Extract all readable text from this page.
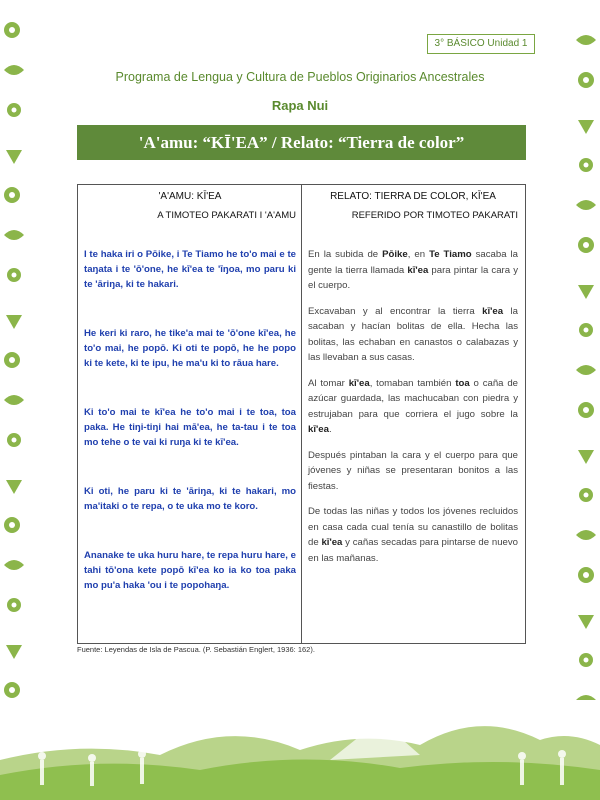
3° BÁSICO Unidad 1
Programa de Lengua y Cultura de Pueblos Originarios Ancestrales
Rapa Nui
'A'amu: “KĪ'EA” / Relato: “Tierra de color”
'A'AMU: KĪ'EA
A TIMOTEO PAKARATI I 'A'AMU

I te haka iri o Pōike, i Te Tiamo he to'o mai e te taŋata i te 'ō'one, he kī'ea te 'īŋoa, mo paru ki te 'āriŋa, ki te hakari.

He keri ki raro, he tike'a mai te 'ō'one kī'ea, he to'o mai, he popō. Ki oti te popō, he he popo ki te kete, ki te ipu, he ma'u ki to rāua hare.

Ki to'o mai te kī'ea he to'o mai i te toa, toa paka. He tiŋi-tiŋi hai mā'ea, he ta-tau i te toa mo tehe o te vai ki ruŋa ki te kī'ea.

Ki oti, he paru ki te 'āriŋa, ki te hakari, mo ma'itaki o te repa, o te uka mo te koro.

Ananake te uka huru hare, te repa huru hare, e tahi tō'ona kete popō kī'ea ko ia ko toa paka mo pu'a haka 'ou i te popohaŋa.

RELATO: TIERRA DE COLOR, KĪ'EA
REFERIDO POR TIMOTEO PAKARATI

En la subida de Pōike, en Te Tiamo sacaba la gente la tierra llamada kī'ea para pintar la cara y el cuerpo.

Excavaban y al encontrar la tierra kī'ea la sacaban y hacían bolitas de ella. Hecha las bolitas, las echaban en canastos o calabazas y las llevaban a sus casas.

Al tomar kī'ea, tomaban también toa o caña de azúcar guardada, las machucaban con piedra y estrujaban para que corriera el jugo sobre la kī'ea.

Después pintaban la cara y el cuerpo para que jóvenes y niñas se presentaran bonitos a las fiestas.

De todas las niñas y todos los jóvenes recluidos en casa cada cual tenía su canastillo de bolitas de kī'ea y cañas secadas para pintarse de nuevo en las mañanas.

Fuente: Leyendas de Isla de Pascua. (P. Sebastián Englert, 1936: 162).
